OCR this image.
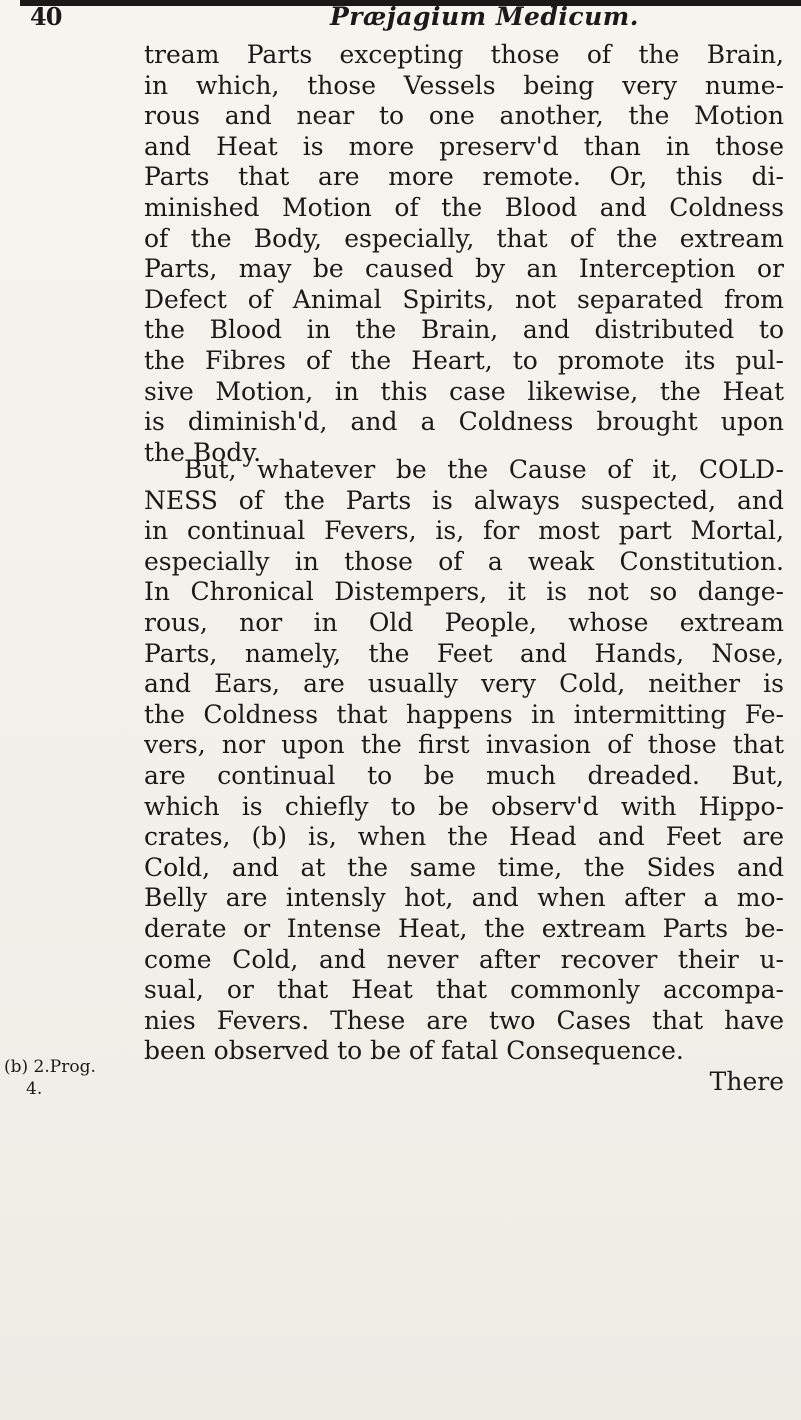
40	Præjagium Medicum.
tream Parts excepting those of the Brain,
in which, those Vessels being very nume-
rous and near to one another, the Motion
and Heat is more preserv'd than in those
Parts that are more remote. Or, this di-
minished Motion of the Blood and Coldness
of the Body, especially, that of the extream
Parts, may be caused by an Interception or
Defect of Animal Spirits, not separated from
the Blood in the Brain, and distributed to
the Fibres of the Heart, to promote its pul-
sive Motion, in this case likewise, the Heat
is diminish'd, and a Coldness brought upon
the Body.
But, whatever be the Cause of it, COLD-
NESS of the Parts is always suspected, and
in continual Fevers, is, for most part Mortal,
especially in those of a weak Constitution.
In Chronical Distempers, it is not so dange-
rous, nor in Old People, whose extream
Parts, namely, the Feet and Hands, Nose,
and Ears, are usually very Cold, neither is
the Coldness that happens in intermitting Fe-
vers, nor upon the first invasion of those that
are continual to be much dreaded. But,
which is chiefly to be observ'd with Hippo-
crates, (b) is, when the Head and Feet are
Cold, and at the same time, the Sides and
Belly are intensly hot, and when after a mo-
derate or Intense Heat, the extream Parts be-
come Cold, and never after recover their u-
sual, or that Heat that commonly accompa-
nies Fevers. These are two Cases that have
been observed to be of fatal Consequence.
There
(b) 2.Prog.
4.
